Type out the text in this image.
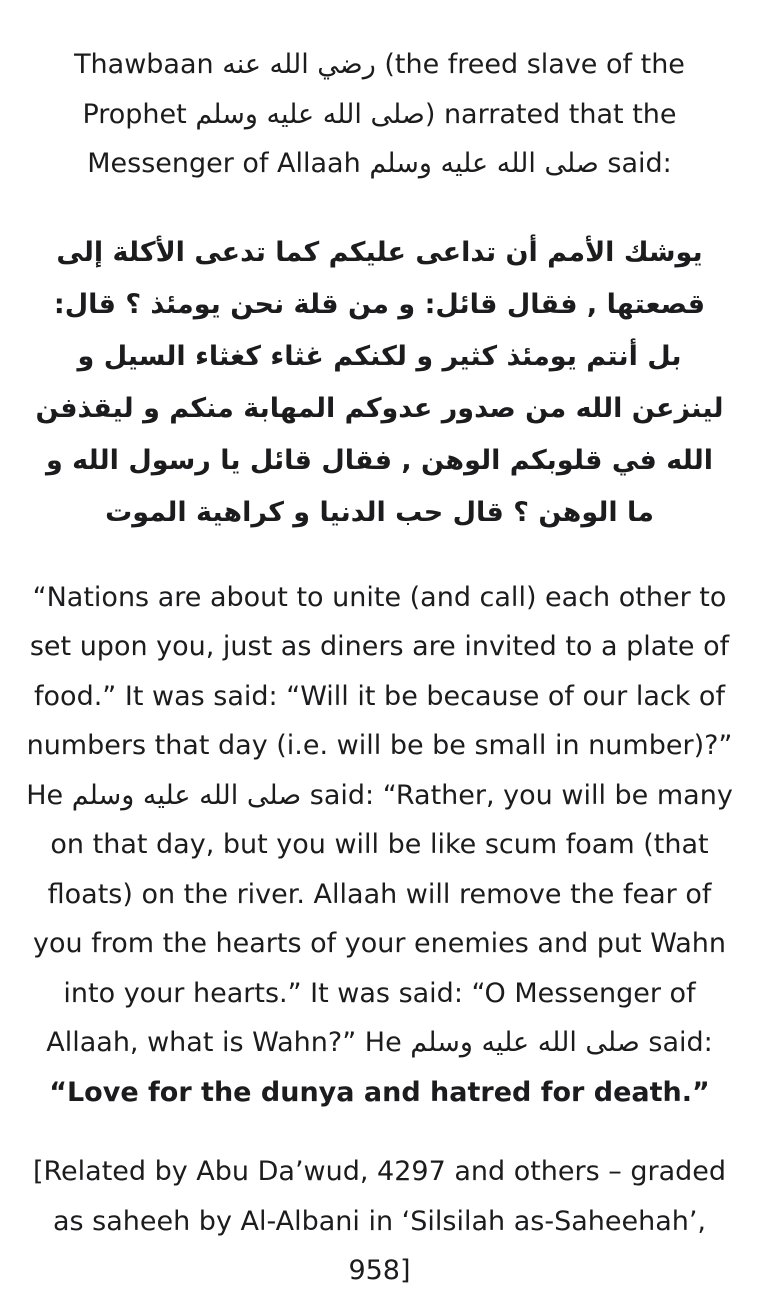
Thawbaan رضي الله عنه (the freed slave of the Prophet صلى الله عليه وسلم) narrated that the Messenger of Allaah صلى الله عليه وسلم said:

يوشك الأمم أن تداعى عليكم كما تدعى الأكلة إلى قصعتها , فقال قائل: و من قلة نحن يومئذ ؟ قال: بل أنتم يومئذ كثير و لكنكم غثاء كغثاء السيل و لينزعن الله من صدور عدوكم المهابة منكم و ليقذفن الله في قلوبكم الوهن , فقال قائل يا رسول الله و ما الوهن ؟ قال حب الدنيا و كراهية الموت

“Nations are about to unite (and call) each other to set upon you, just as diners are invited to a plate of food.” It was said: “Will it be because of our lack of numbers that day (i.e. will be be small in number)?” He صلى الله عليه وسلم said: “Rather, you will be many on that day, but you will be like scum foam (that floats) on the river. Allaah will remove the fear of you from the hearts of your enemies and put Wahn into your hearts.” It was said: “O Messenger of Allaah, what is Wahn?” He صلى الله عليه وسلم said: “Love for the dunya and hatred for death.”

[Related by Abu Da’wud, 4297 and others – graded as saheeh by Al-Albani in ‘Silsilah as-Saheehah’, 958]
